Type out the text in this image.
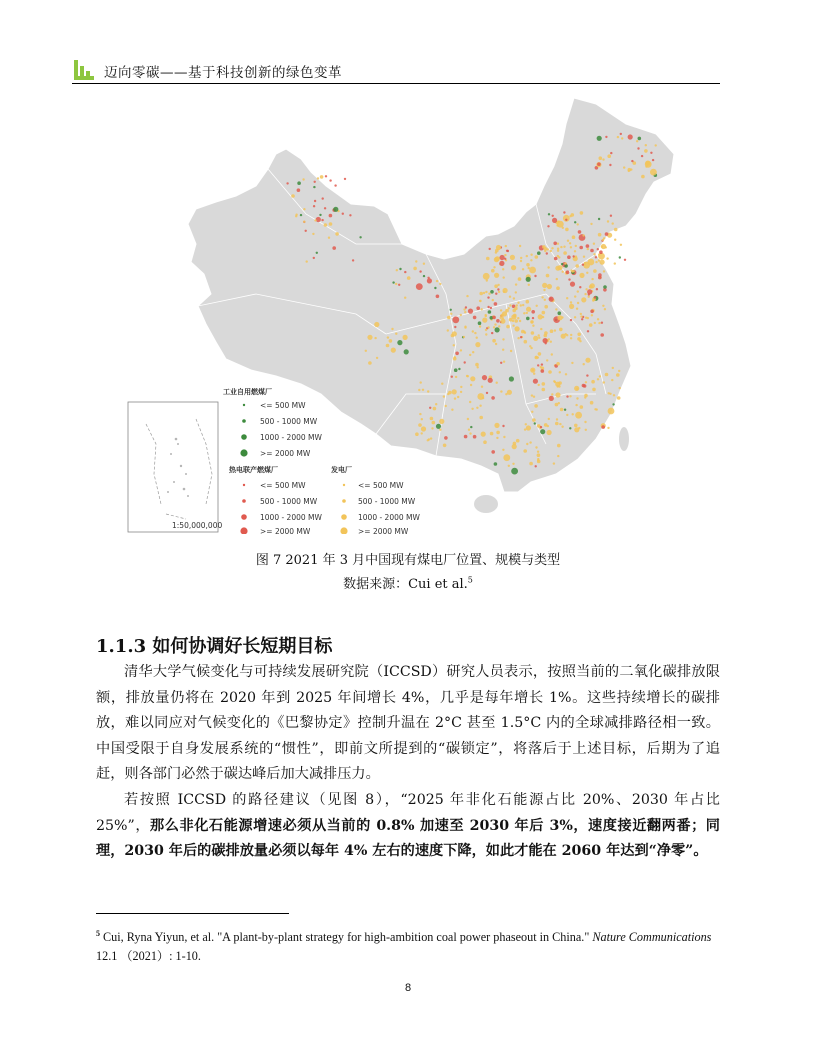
迈向零碳——基于科技创新的绿色变革
1:50,000,000
工业自用燃煤厂
<= 500 MW
500 - 1000 MW
1000 - 2000 MW
>= 2000 MW
热电联产燃煤厂
<= 500 MW
500 - 1000 MW
1000 - 2000 MW
>= 2000 MW
发电厂
<= 500 MW
500 - 1000 MW
1000 - 2000 MW
>= 2000 MW
图 7 2021 年 3 月中国现有煤电厂位置、规模与类型
数据来源：Cui et al.$^5$
1.1.3 如何协调好长短期目标
清华大学气候变化与可持续发展研究院（ICCSD）研究人员表示，按照当前的二氧化碳排放限额，排放量仍将在 2020 年到 2025 年间增长 4%，几乎是每年增长 1%。这些持续增长的碳排放，难以同应对气候变化的《巴黎协定》控制升温在 2°C 甚至 1.5°C 内的全球减排路径相一致。中国受限于自身发展系统的“惯性”，即前文所提到的“碳锁定”，将落后于上述目标，后期为了追赶，则各部门必然于碳达峰后加大减排压力。
若按照 ICCSD 的路径建议（见图 8），“2025 年非化石能源占比 20%、2030 年占比 25%”，那么非化石能源增速必须从当前的 0.8% 加速至 2030 年后 3%，速度接近翻两番；同理，2030 年后的碳排放量必须以每年 4% 左右的速度下降，如此才能在 2060 年达到“净零”。
$^5$ Cui, Ryna Yiyun, et al. "A plant-by-plant strategy for high-ambition coal power phaseout in China." Nature Communications 12.1 （2021）: 1-10.
8
